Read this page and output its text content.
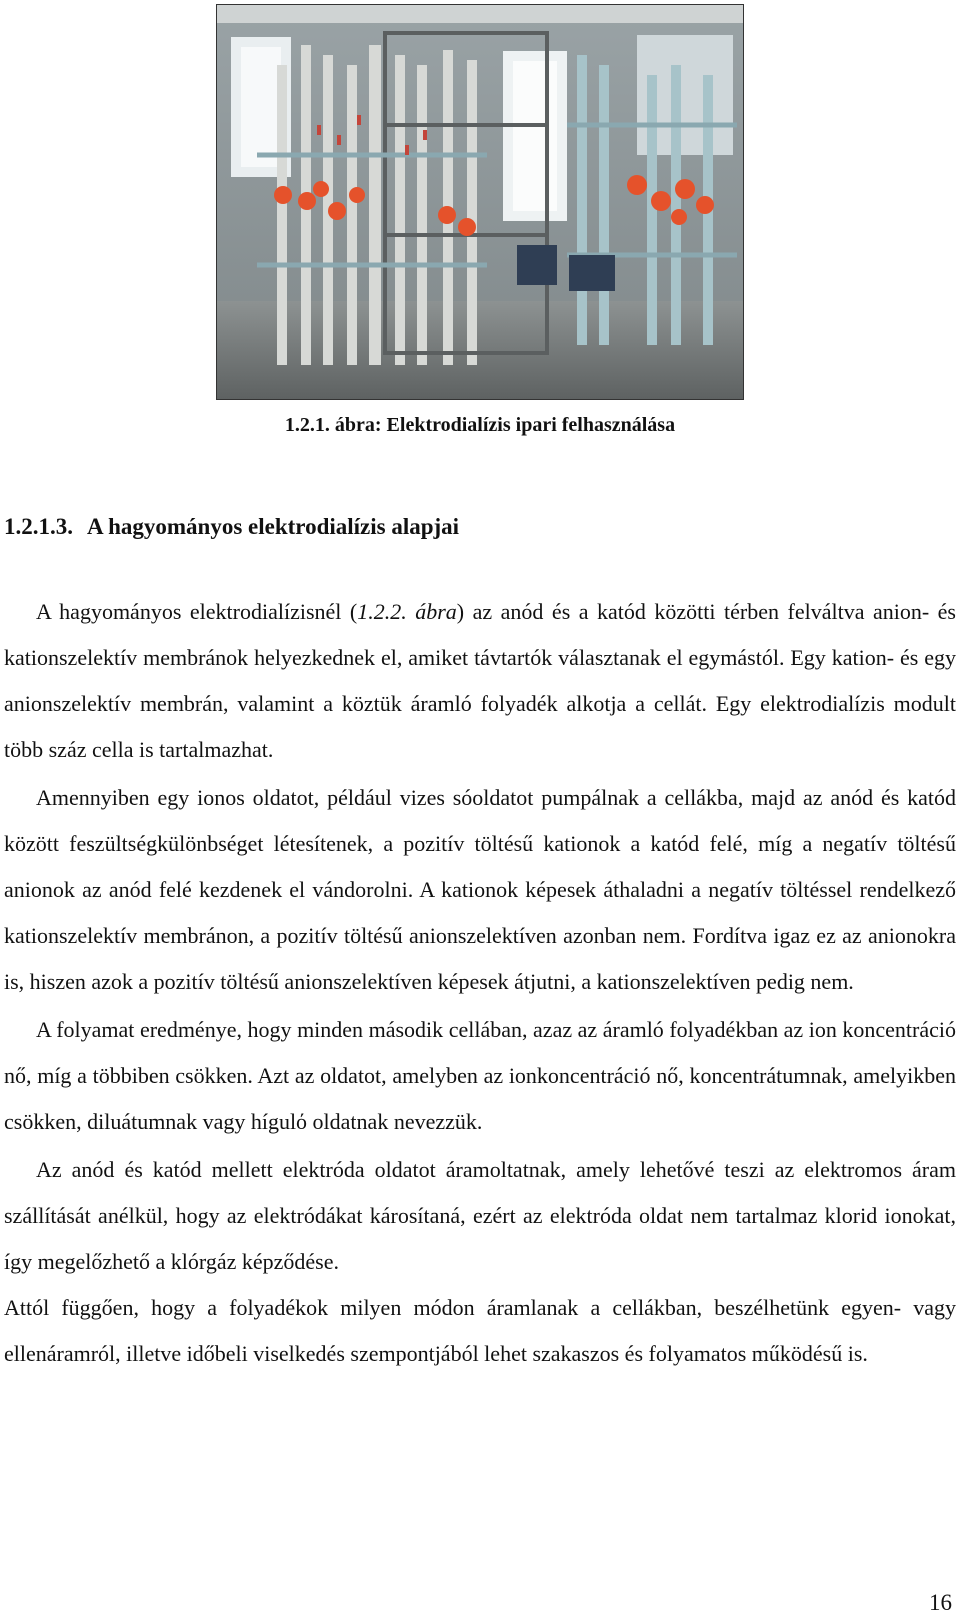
1.2.1. ábra: Elektrodialízis ipari felhasználása
1.2.1.3. A hagyományos elektrodialízis alapjai

A hagyományos elektrodialízisnél (1.2.2. ábra) az anód és a katód közötti térben felváltva anion- és kationszelektív membránok helyezkednek el, amiket távtartók választanak el egymástól. Egy kation- és egy anionszelektív membrán, valamint a köztük áramló folyadék alkotja a cellát. Egy elektrodialízis modult több száz cella is tartalmazhat.

Amennyiben egy ionos oldatot, például vizes sóoldatot pumpálnak a cellákba, majd az anód és katód között feszültségkülönbséget létesítenek, a pozitív töltésű kationok a katód felé, míg a negatív töltésű anionok az anód felé kezdenek el vándorolni. A kationok képesek áthaladni a negatív töltéssel rendelkező kationszelektív membránon, a pozitív töltésű anionszelektíven azonban nem. Fordítva igaz ez az anionokra is, hiszen azok a pozitív töltésű anionszelektíven képesek átjutni, a kationszelektíven pedig nem.

A folyamat eredménye, hogy minden második cellában, azaz az áramló folyadékban az ion koncentráció nő, míg a többiben csökken. Azt az oldatot, amelyben az ionkoncentráció nő, koncentrátumnak, amelyikben csökken, diluátumnak vagy hígulό oldatnak nevezzük.

Az anód és katód mellett elektróda oldatot áramoltatnak, amely lehetővé teszi az elektromos áram szállítását anélkül, hogy az elektródákat károsítaná, ezért az elektróda oldat nem tartalmaz klorid ionokat, így megelőzhető a klórgáz képződése.

Attól függően, hogy a folyadékok milyen módon áramlanak a cellákban, beszélhetünk egyen- vagy ellenáramról, illetve időbeli viselkedés szempontjából lehet szakaszos és folyamatos működésű is.

16
